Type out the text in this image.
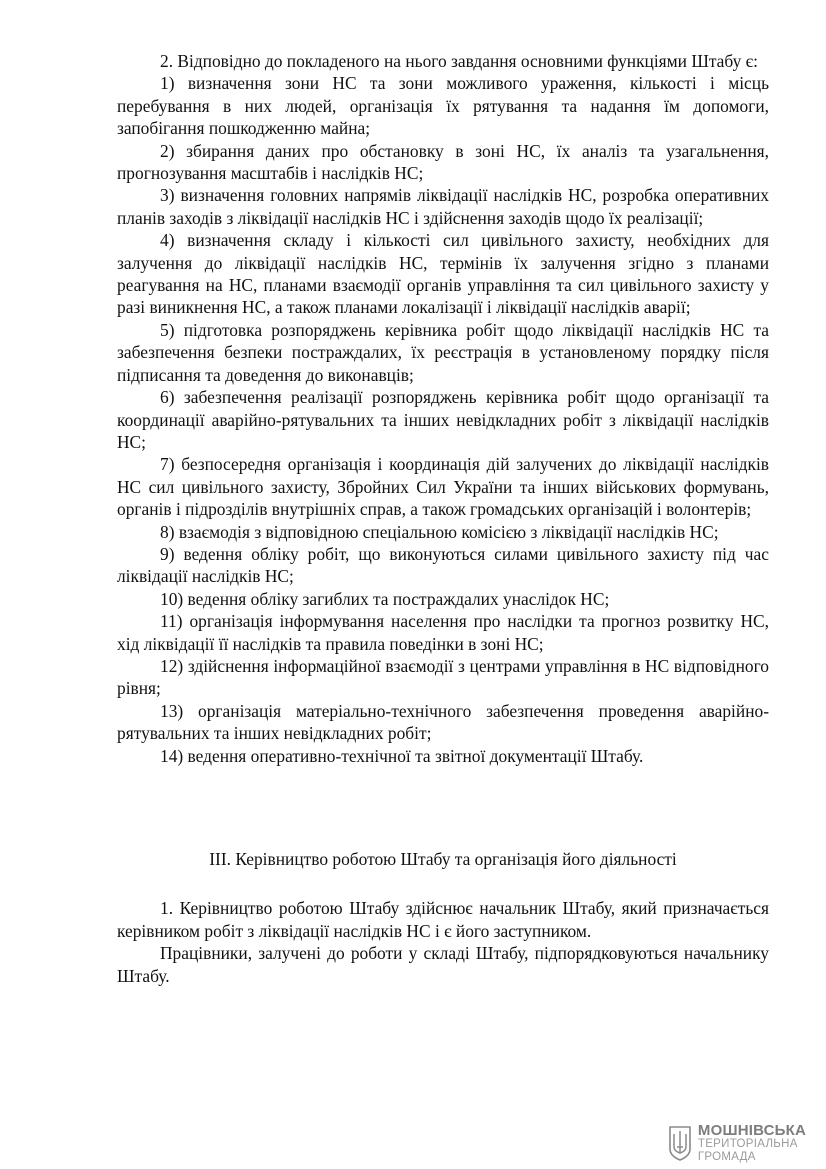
2. Відповідно до покладеного на нього завдання основними функціями Штабу є:

1) визначення зони НС та зони можливого ураження, кількості і місць перебування в них людей, організація їх рятування та надання їм допомоги, запобігання пошкодженню майна;

2) збирання даних про обстановку в зоні НС, їх аналіз та узагальнення, прогнозування масштабів і наслідків НС;

3) визначення головних напрямів ліквідації наслідків НС, розробка оперативних планів заходів з ліквідації наслідків НС і здійснення заходів щодо їх реалізації;

4) визначення складу і кількості сил цивільного захисту, необхідних для залучення до ліквідації наслідків НС, термінів їх залучення згідно з планами реагування на НС, планами взаємодії органів управління та сил цивільного захисту у разі виникнення НС, а також планами локалізації і ліквідації наслідків аварії;

5) підготовка розпоряджень керівника робіт щодо ліквідації наслідків НС та забезпечення безпеки постраждалих, їх реєстрація в установленому порядку після підписання та доведення до виконавців;

6) забезпечення реалізації розпоряджень керівника робіт щодо організації та координації аварійно-рятувальних та інших невідкладних робіт з ліквідації наслідків НС;

7) безпосередня організація і координація дій залучених до ліквідації наслідків НС сил цивільного захисту, Збройних Сил України та інших військових формувань, органів і підрозділів внутрішніх справ, а також громадських організацій і волонтерів;

8) взаємодія з відповідною спеціальною комісією з ліквідації наслідків НС;

9) ведення обліку робіт, що виконуються силами цивільного захисту під час ліквідації наслідків НС;

10) ведення обліку загиблих та постраждалих унаслідок НС;

11) організація інформування населення про наслідки та прогноз розвитку НС, хід ліквідації її наслідків та правила поведінки в зоні НС;

12) здійснення інформаційної взаємодії з центрами управління в НС відповідного рівня;

13) організація матеріально-технічного забезпечення проведення аварійно-рятувальних та інших невідкладних робіт;

14) ведення оперативно-технічної та звітної документації Штабу.

III. Керівництво роботою Штабу та організація його діяльності

1. Керівництво роботою Штабу здійснює начальник Штабу, який призначається керівником робіт з ліквідації наслідків НС і є його заступником.

Працівники, залучені до роботи у складі Штабу, підпорядковуються начальнику Штабу.

МОШНІВСЬКА
ТЕРИТОРІАЛЬНА
ГРОМАДА
